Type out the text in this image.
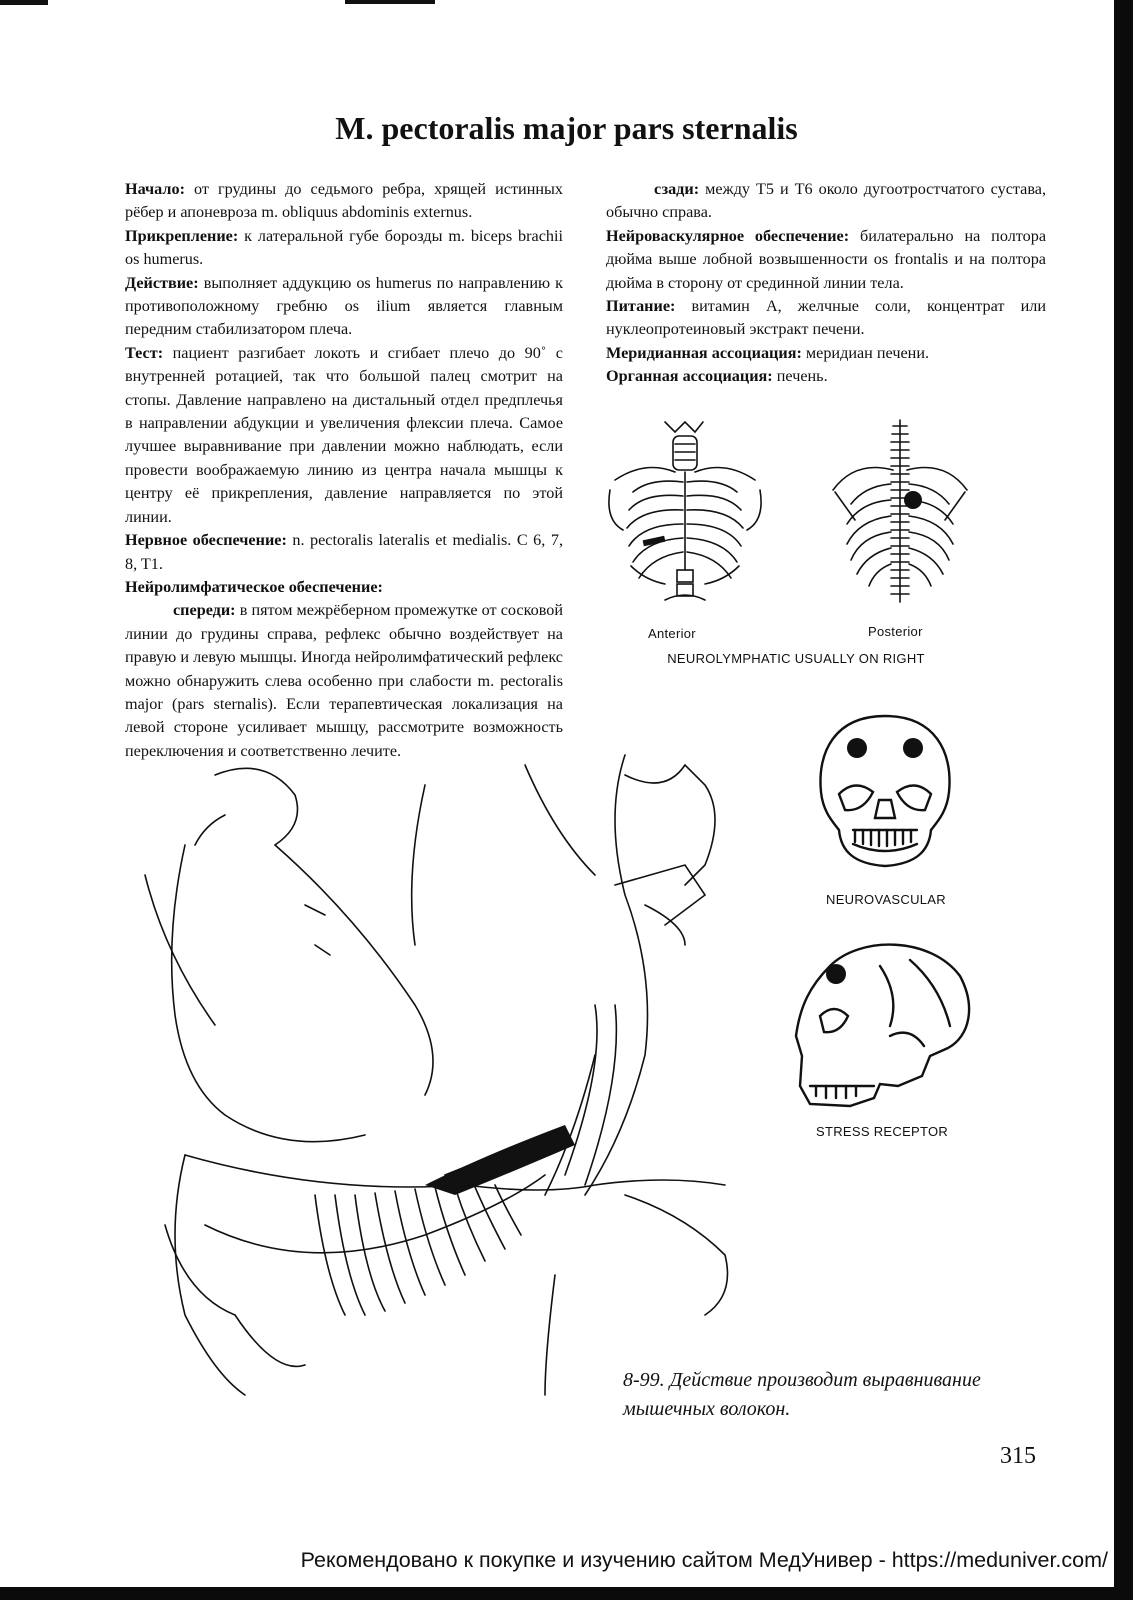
M. pectoralis major pars sternalis

Начало: от грудины до седьмого ребра, хрящей истинных рёбер и апоневроза m. obliquus abdominis externus.

Прикрепление: к латеральной губе борозды m. biceps brachii os humerus.

Действие: выполняет аддукцию os humerus по направлению к противоположному гребню os ilium является главным передним стабилизатором плеча.

Тест: пациент разгибает локоть и сгибает плечо до 90˚ с внутренней ротацией, так что большой палец смотрит на стопы. Давление направлено на дистальный отдел предплечья в направлении абдукции и увеличения флексии плеча. Самое лучшее выравнивание при давлении можно наблюдать, если провести воображаемую линию из центра начала мышцы к центру её прикрепления, давление направляется по этой линии.

Нервное обеспечение: n. pectoralis lateralis et medialis. C 6, 7, 8, T1.

Нейролимфатическое обеспечение:

спереди: в пятом межрёберном промежутке от сосковой линии до грудины справа, рефлекс обычно воздействует на правую и левую мышцы. Иногда нейролимфатический рефлекс можно обнаружить слева особенно при слабости m. pectoralis major (pars sternalis). Если терапевтическая локализация на левой стороне усиливает мышцу, рассмотрите возможность переключения и соответственно лечите.

сзади: между T5 и T6 около дугоотростчатого сустава, обычно справа.

Нейроваскулярное обеспечение: билатерально на полтора дюйма выше лобной возвышенности os frontalis и на полтора дюйма в сторону от срединной линии тела.

Питание: витамин А, желчные соли, концентрат или нуклеопротеиновый экстракт печени.

Меридианная ассоциация: меридиан печени.

Органная ассоциация: печень.

Anterior	Posterior
NEUROLYMPHATIC USUALLY ON RIGHT
NEUROVASCULAR
STRESS RECEPTOR
8-99. Действие производит выравнивание мышечных волокон.
315
Рекомендовано к покупке и изучению сайтом МедУнивер - https://meduniver.com/
